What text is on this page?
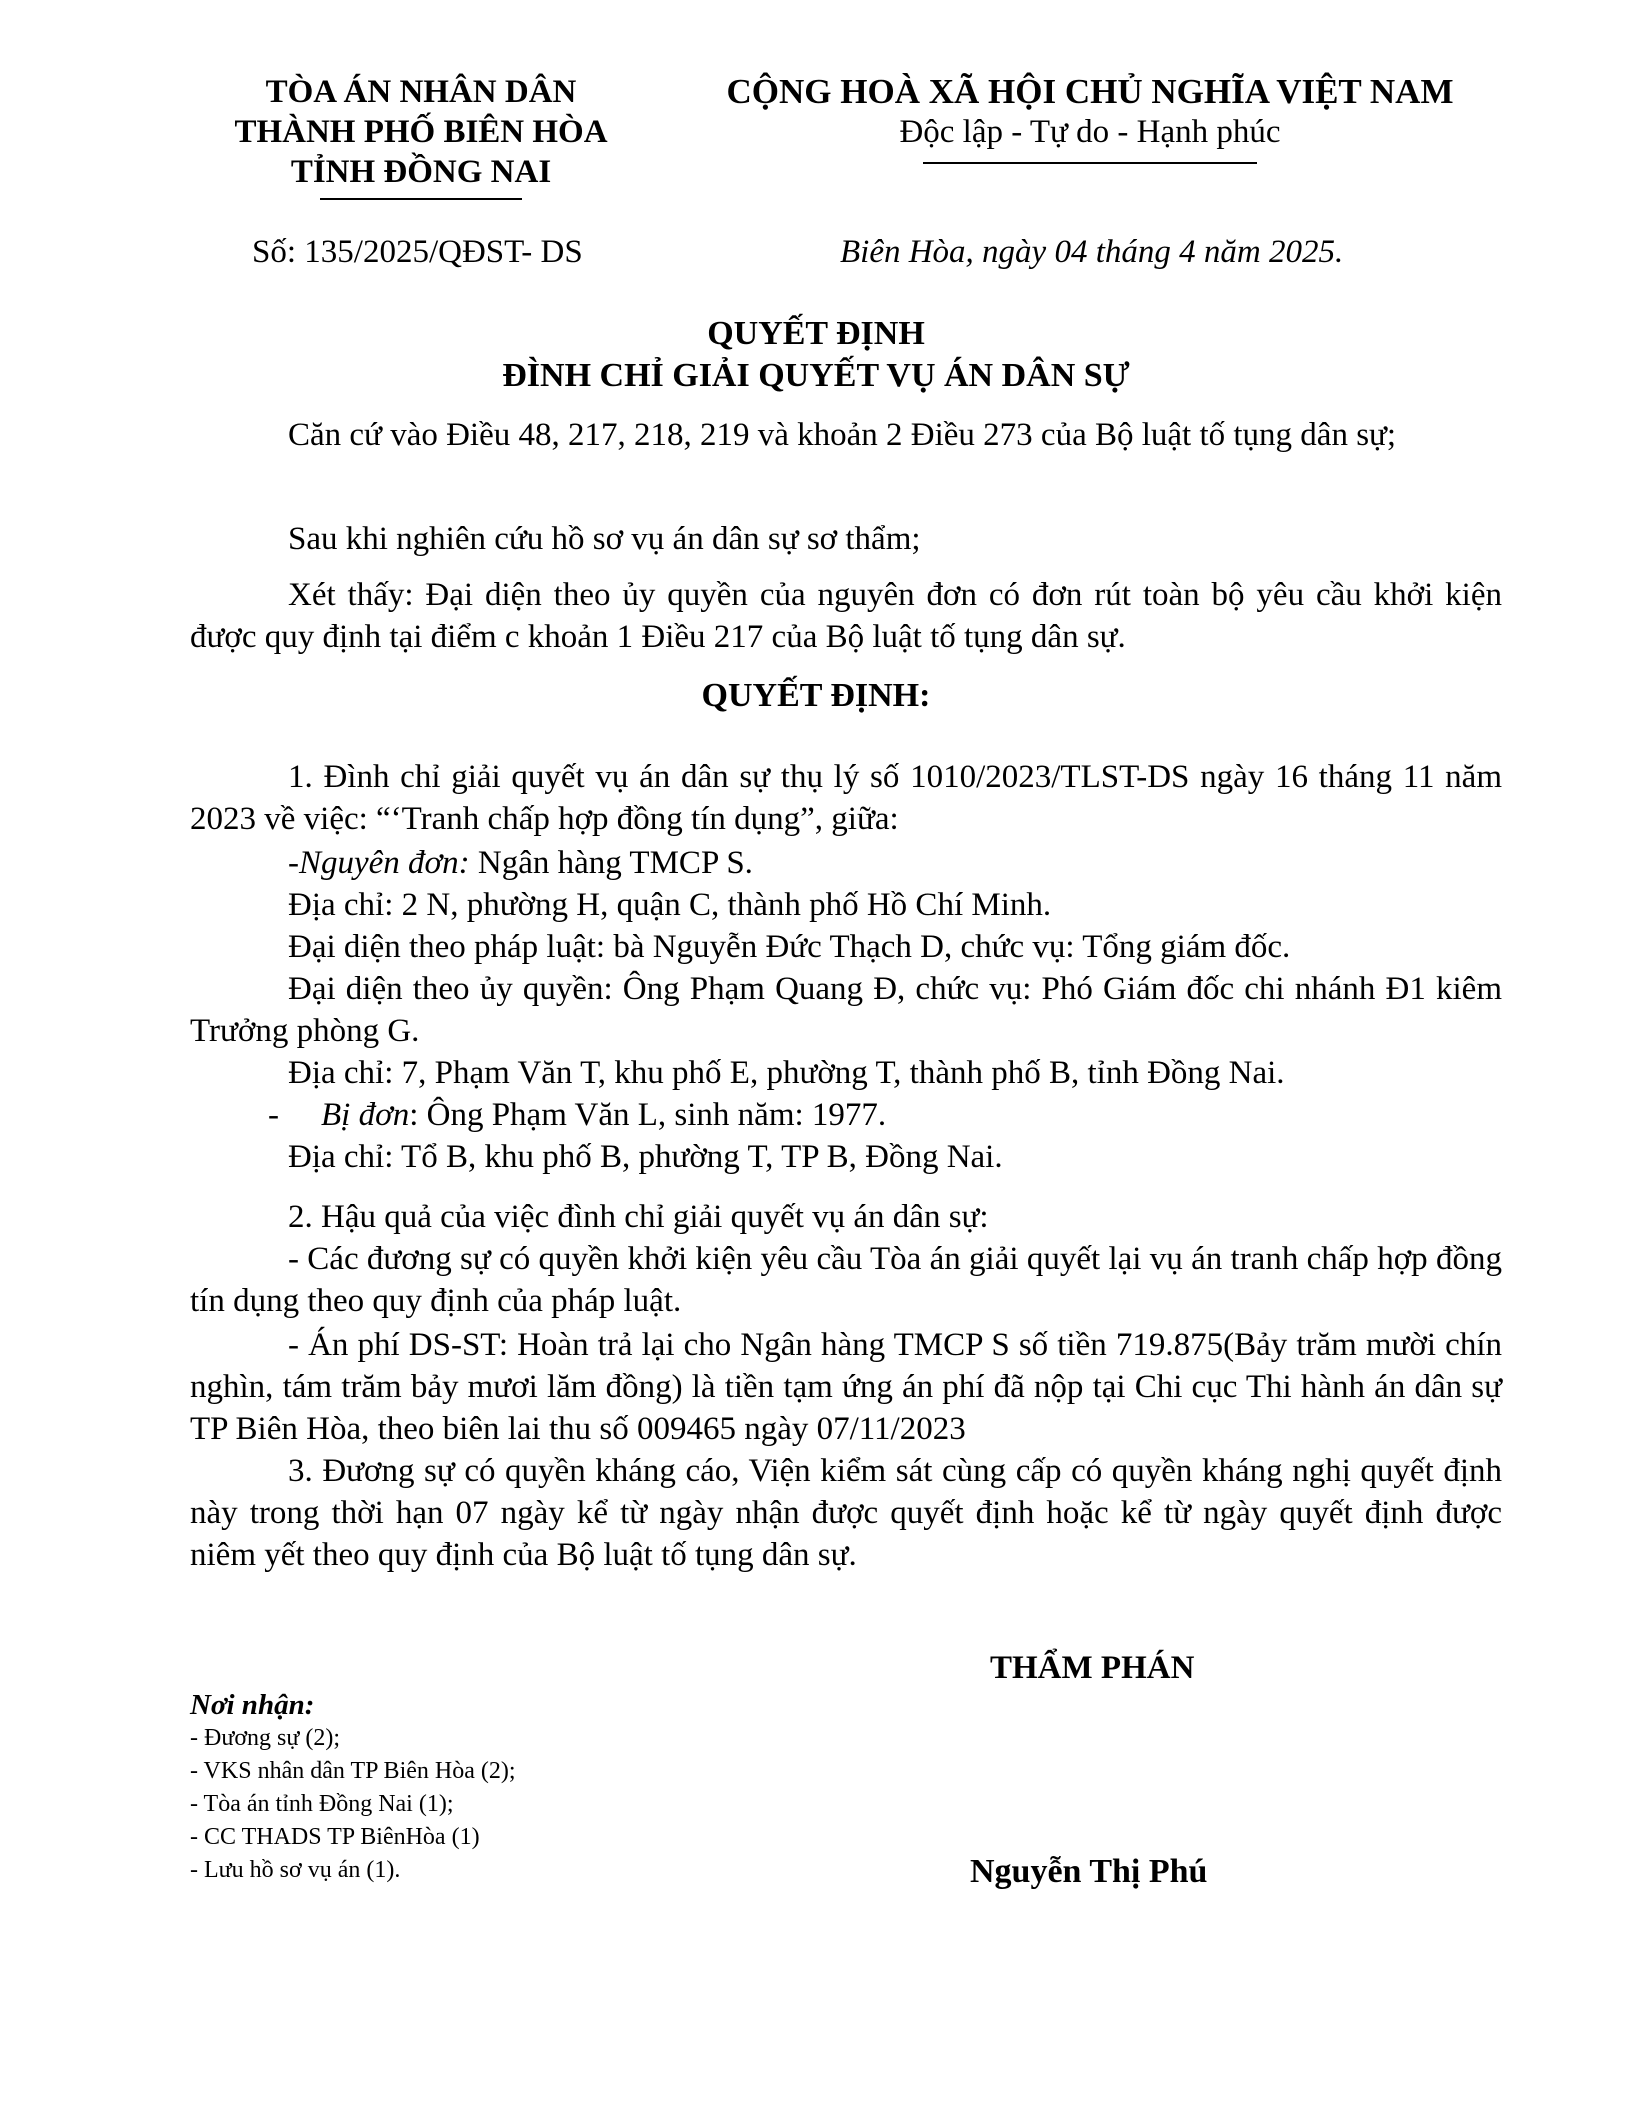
TÒA ÁN NHÂN DÂN
THÀNH PHỐ BIÊN HÒA
TỈNH ĐỒNG NAI
CỘNG HOÀ XÃ HỘI CHỦ NGHĨA VIỆT NAM
Độc lập - Tự do - Hạnh phúc
Số: 135/2025/QĐST- DS	Biên Hòa, ngày 04 tháng 4 năm 2025.
QUYẾT ĐỊNH
ĐÌNH CHỈ GIẢI QUYẾT VỤ ÁN DÂN SỰ
Căn cứ vào Điều 48, 217, 218, 219 và khoản 2 Điều 273 của Bộ luật tố tụng dân sự;
Sau khi nghiên cứu hồ sơ vụ án dân sự sơ thẩm;
Xét thấy: Đại diện theo ủy quyền của nguyên đơn có đơn rút toàn bộ yêu cầu khởi kiện được quy định tại điểm c khoản 1 Điều 217 của Bộ luật tố tụng dân sự.
QUYẾT ĐỊNH:
1. Đình chỉ giải quyết vụ án dân sự thụ lý số 1010/2023/TLST-DS ngày 16 tháng 11 năm 2023 về việc: “‘Tranh chấp hợp đồng tín dụng”, giữa:
-Nguyên đơn: Ngân hàng TMCP S.
Địa chỉ: 2 N, phường H, quận C, thành phố Hồ Chí Minh.
Đại diện theo pháp luật: bà Nguyễn Đức Thạch D, chức vụ: Tổng giám đốc.
Đại diện theo ủy quyền: Ông Phạm Quang Đ, chức vụ: Phó Giám đốc chi nhánh Đ1 kiêm Trưởng phòng G.
Địa chỉ: 7, Phạm Văn T, khu phố E, phường T, thành phố B, tỉnh Đồng Nai.
- Bị đơn: Ông Phạm Văn L, sinh năm: 1977.
Địa chỉ: Tổ B, khu phố B, phường T, TP B, Đồng Nai.
2. Hậu quả của việc đình chỉ giải quyết vụ án dân sự:
- Các đương sự có quyền khởi kiện yêu cầu Tòa án giải quyết lại vụ án tranh chấp hợp đồng tín dụng theo quy định của pháp luật.
- Án phí DS-ST: Hoàn trả lại cho Ngân hàng TMCP S số tiền 719.875(Bảy trăm mười chín nghìn, tám trăm bảy mươi lăm đồng) là tiền tạm ứng án phí đã nộp tại Chi cục Thi hành án dân sự TP Biên Hòa, theo biên lai thu số 009465 ngày 07/11/2023
3. Đương sự có quyền kháng cáo, Viện kiểm sát cùng cấp có quyền kháng nghị quyết định này trong thời hạn 07 ngày kể từ ngày nhận được quyết định hoặc kể từ ngày quyết định được niêm yết theo quy định của Bộ luật tố tụng dân sự.
THẨM PHÁN
Nguyễn Thị Phú
Nơi nhận:
- Đương sự (2);
- VKS nhân dân TP Biên Hòa (2);
- Tòa án tỉnh Đồng Nai (1);
- CC THADS TP BiênHòa (1)
- Lưu hồ sơ vụ án (1).
